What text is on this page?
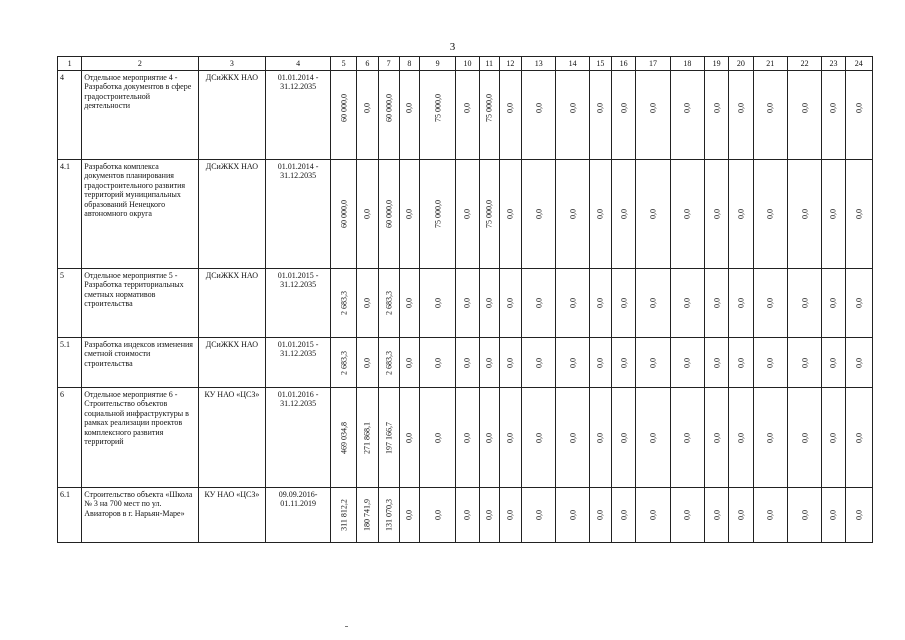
3
1	2	3	4	5	6	7	8	9	10	11	12	13	14	15	16	17	18	19	20	21	22	23	24
4	Отдельное мероприятие 4 - Разработка документов в сфере градостроительной деятельности	ДСиЖКХ НАО	01.01.2014 - 31.12.2035	60 000,0	0,0	60 000,0	0,0	75 000,0	0,0	75 000,0	0,0	0,0	0,0	0,0	0,0	0,0	0,0	0,0	0,0	0,0	0,0	0,0	0,0

4.1	Разработка комплекса документов планирования градостроительного развития территорий муниципальных образований Ненецкого автономного округа	ДСиЖКХ НАО	01.01.2014 - 31.12.2035	60 000,0	0,0	60 000,0	0,0	75 000,0	0,0	75 000,0	0,0	0,0	0,0	0,0	0,0	0,0	0,0	0,0	0,0	0,0	0,0	0,0	0,0

5	Отдельное мероприятие 5 - Разработка территориальных сметных нормативов строительства	ДСиЖКХ НАО	01.01.2015 - 31.12.2035	2 683,3	0,0	2 683,3	0,0	0,0	0,0	0,0	0,0	0,0	0,0	0,0	0,0	0,0	0,0	0,0	0,0	0,0	0,0	0,0	0,0

5.1	Разработка индексов изменения сметной стоимости строительства	ДСиЖКХ НАО	01.01.2015 - 31.12.2035	2 683,3	0,0	2 683,3	0,0	0,0	0,0	0,0	0,0	0,0	0,0	0,0	0,0	0,0	0,0	0,0	0,0	0,0	0,0	0,0	0,0

6	Отдельное мероприятие 6 - Строительство объектов социальной инфраструктуры в рамках реализации проектов комплексного развития территорий	КУ НАО «ЦСЗ»	01.01.2016 - 31.12.2035	469 034,8	271 868,1	197 166,7	0,0	0,0	0,0	0,0	0,0	0,0	0,0	0,0	0,0	0,0	0,0	0,0	0,0	0,0	0,0	0,0	0,0

6.1	Строительство объекта «Школа № 3 на 700 мест по ул. Авиаторов в г. Нарьян-Маре»	КУ НАО «ЦСЗ»	09.09.2016-01.11.2019	311 812,2	180 741,9	131 070,3	0,0	0,0	0,0	0,0	0,0	0,0	0,0	0,0	0,0	0,0	0,0	0,0	0,0	0,0	0,0	0,0	0,0
